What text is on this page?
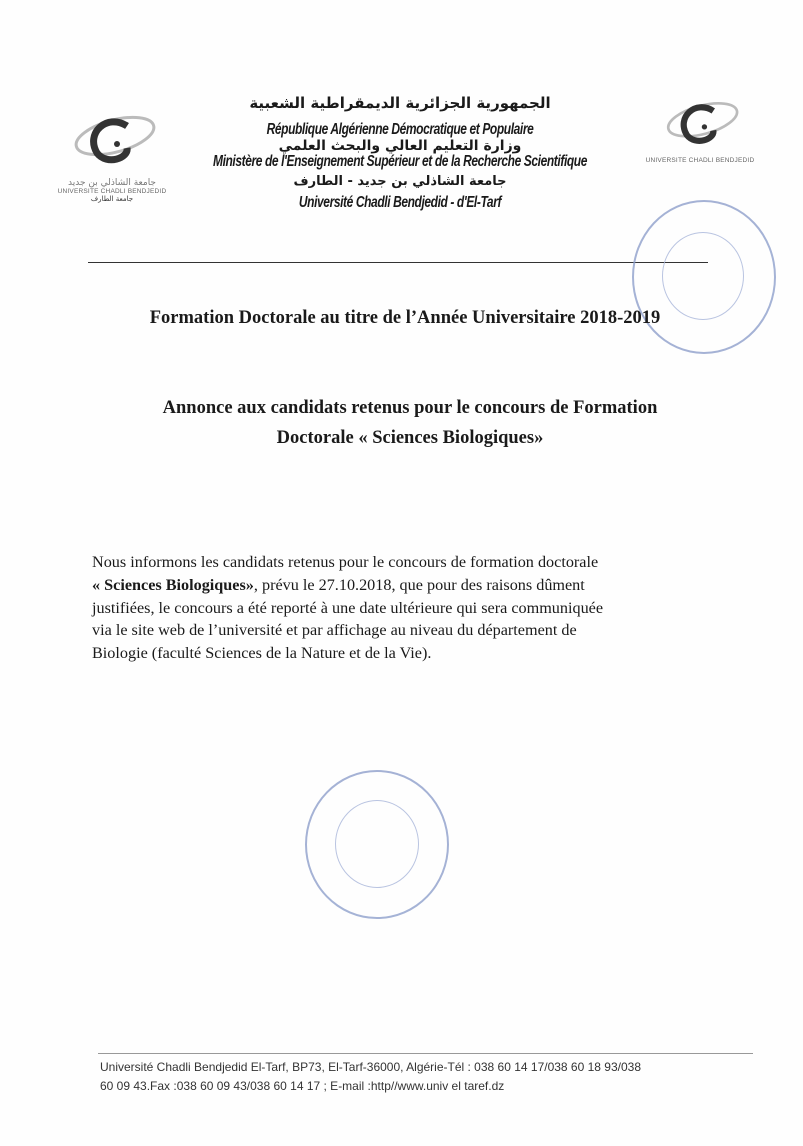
جامعة الشاذلي بن جديد
UNIVERSITE CHADLI BENDJEDID
جامعة الطارف
UNIVERSITE CHADLI BENDJEDID
الجمهورية الجزائرية الديمقراطية الشعبية
République Algérienne Démocratique et Populaire
وزارة التعليم العالي والبحث العلمي
Ministère de l'Enseignement Supérieur et de la Recherche Scientifique
جامعة الشاذلي بن جديد - الطارف
Université Chadli Bendjedid - d'El-Tarf
Formation Doctorale au titre de l’Année Universitaire 2018-2019
Annonce aux candidats retenus pour le concours de Formation
Doctorale « Sciences Biologiques»
Nous informons les candidats retenus pour le concours de formation doctorale
« Sciences Biologiques», prévu le 27.10.2018, que pour des raisons dûment
justifiées, le concours a été reporté à une date ultérieure qui sera communiquée
via le site web de l’université et par affichage au niveau du département de
Biologie (faculté Sciences de la Nature et de la Vie).
Université Chadli Bendjedid El-Tarf, BP73, El-Tarf-36000, Algérie-Tél : 038 60 14 17/038 60 18 93/038
60 09 43.Fax :038 60 09 43/038 60 14 17 ; E-mail :http//www.univ el taref.dz
